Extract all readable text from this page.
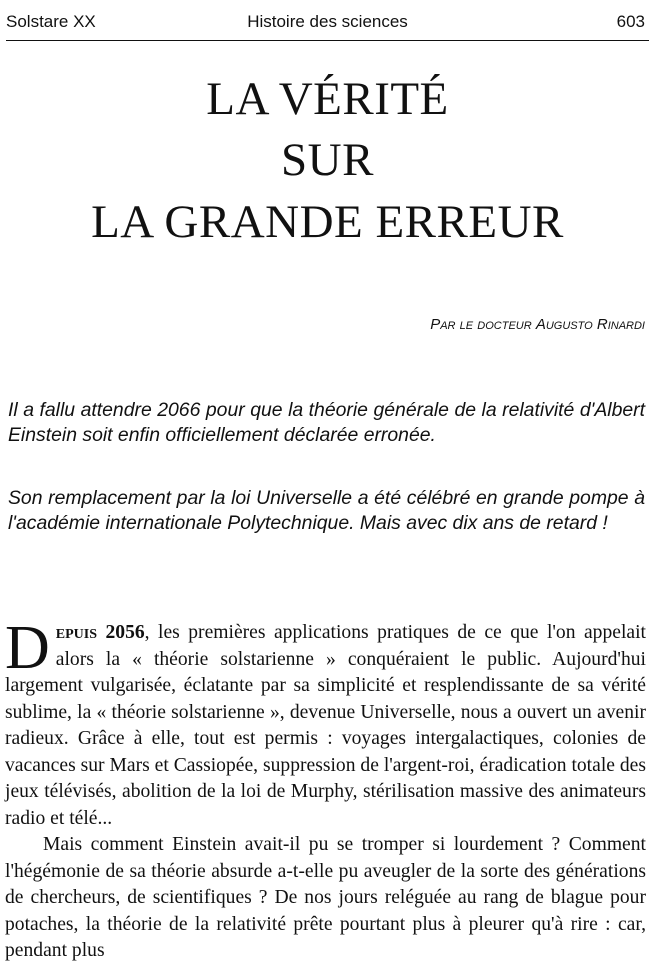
Solstare XX	Histoire des sciences	603
LA VÉRITÉ
SUR
LA GRANDE ERREUR
Par le docteur Augusto Rinardi

Il a fallu attendre 2066 pour que la théorie générale de la relativité d'Albert Einstein soit enfin officiellement déclarée erronée.

Son remplacement par la loi Universelle a été célébré en grande pompe à l'académie internationale Polytechnique. Mais avec dix ans de retard !

Depuis 2056, les premières applications pratiques de ce que l'on appelait alors la « théorie solstarienne » conquéraient le public. Aujourd'hui largement vulgarisée, éclatante par sa simplicité et resplendissante de sa vérité sublime, la « théorie solstarienne », devenue Universelle, nous a ouvert un avenir radieux. Grâce à elle, tout est permis : voyages intergalactiques, colonies de vacances sur Mars et Cassiopée, suppression de l'argent-roi, éradication totale des jeux télévisés, abolition de la loi de Murphy, stérilisation massive des animateurs radio et télé...

Mais comment Einstein avait-il pu se tromper si lourdement ? Comment l'hégémonie de sa théorie absurde a-t-elle pu aveugler de la sorte des générations de chercheurs, de scientifiques ? De nos jours reléguée au rang de blague pour potaches, la théorie de la relativité prête pourtant plus à pleurer qu'à rire : car, pendant plus
